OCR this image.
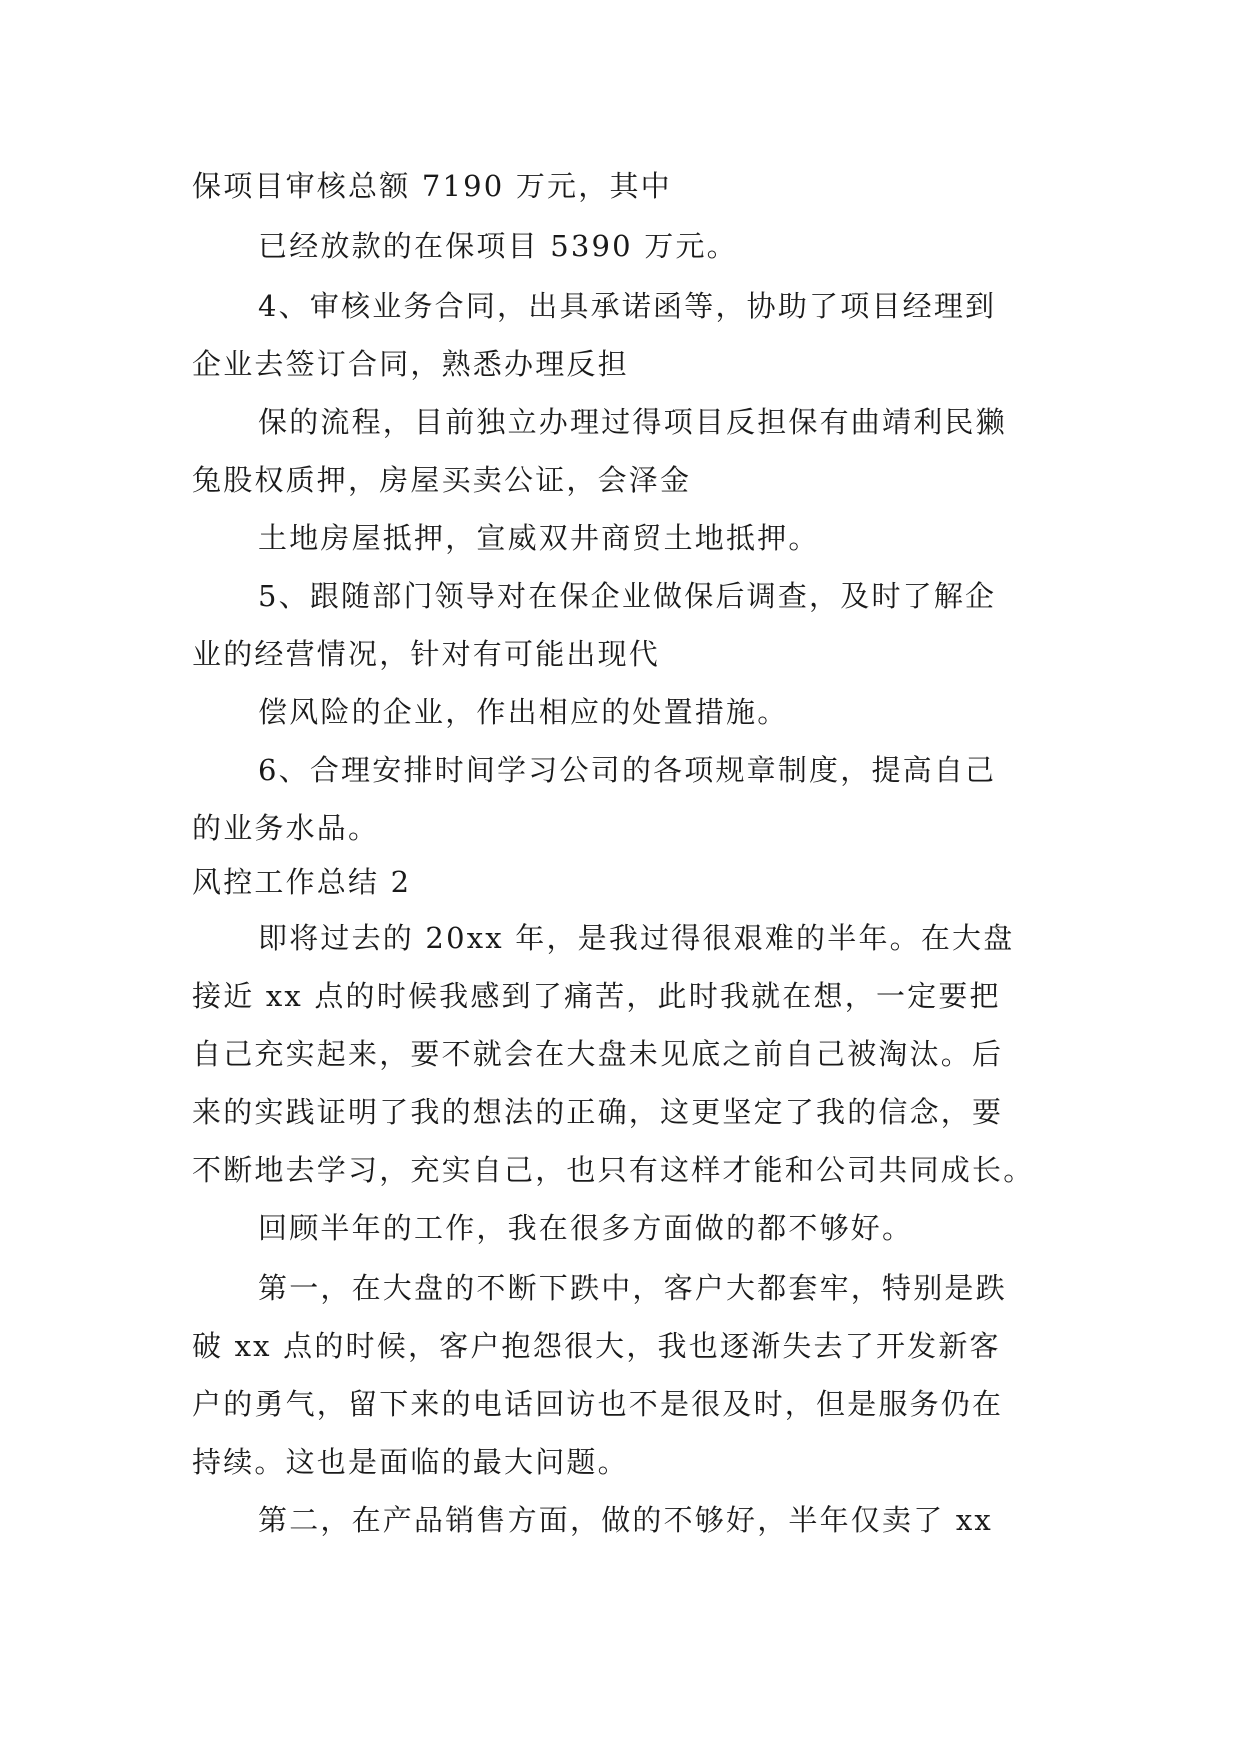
保项目审核总额 7190 万元，其中
已经放款的在保项目 5390 万元。
4、审核业务合同，出具承诺函等，协助了项目经理到
企业去签订合同，熟悉办理反担
保的流程，目前独立办理过得项目反担保有曲靖利民獭
兔股权质押，房屋买卖公证，会泽金
土地房屋抵押，宣威双井商贸土地抵押。
5、跟随部门领导对在保企业做保后调查，及时了解企
业的经营情况，针对有可能出现代
偿风险的企业，作出相应的处置措施。
6、合理安排时间学习公司的各项规章制度，提高自己
的业务水品。
风控工作总结 2
即将过去的 20xx 年，是我过得很艰难的半年。在大盘
接近 xx 点的时候我感到了痛苦，此时我就在想，一定要把
自己充实起来，要不就会在大盘未见底之前自己被淘汰。后
来的实践证明了我的想法的正确，这更坚定了我的信念，要
不断地去学习，充实自己，也只有这样才能和公司共同成长。
回顾半年的工作，我在很多方面做的都不够好。
第一，在大盘的不断下跌中，客户大都套牢，特别是跌
破 xx 点的时候，客户抱怨很大，我也逐渐失去了开发新客
户的勇气，留下来的电话回访也不是很及时，但是服务仍在
持续。这也是面临的最大问题。
第二，在产品销售方面，做的不够好，半年仅卖了 xx
